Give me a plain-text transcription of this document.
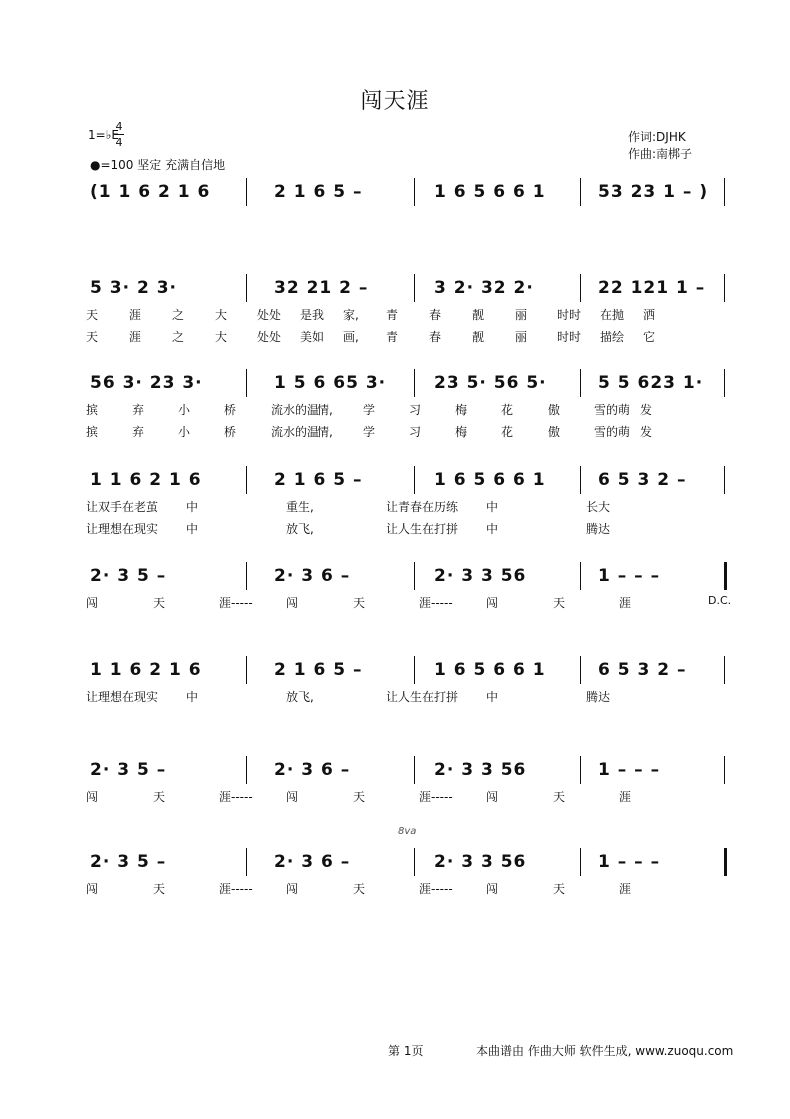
闯天涯
1=♭E
4
4
●=100 坚定 充满自信地
作词:DJHK
作曲:南梆子
(1 1 6 2 1 6	2 1 6 5 –	1 6 5 6 6 1	53 23 1 – )
5 3· 2 3·	32 21 2 –	3 2· 32 2·	22 121 1 –
天	涯	之	大 处处 是我 家, 青	春	靓	丽 时时 在抛 洒
天	涯	之	大 处处 美如 画, 青	春	靓	丽 时时 描绘 它
56 3· 23 3·	1 5 6 65 3·	23 5· 56 5·	5 5 623 1·
摈	弃	小	桥	流水的温
情,	学	习	梅	花	傲	雪的萌 发
摈	弃	小	桥	流水的温
情,	学	习	梅	花	傲	雪的萌 发
1 1 6 2 1 6	2 1 6 5 –	1 6 5 6 6 1	6 5 3 2 –
让双手在老茧 中	重生,	让青春在历练 中	长大
让理想在现实 中	放飞,	让人生在打拼 中	腾达
2· 3 5 –	2· 3 6 –	2· 3 3 56	1 – – –
闯	天	涯-----	闯	天	涯-----	闯	天	涯	D.C.
1 1 6 2 1 6	2 1 6 5 –	1 6 5 6 6 1	6 5 3 2 –
让理想在现实 中	放飞,	让人生在打拼 中	腾达
2· 3 5 –	2· 3 6 –	2· 3 3 56	1 – – –
闯	天	涯-----	闯	天	涯-----	闯	天	涯
2· 3 5 –	2· 3 6 –	2· 3 3 56	1 – – –
闯	天	涯-----	闯	天	涯-----	闯	天	涯
8va
第 1页	本曲谱由 作曲大师 软件生成, www.zuoqu.com
